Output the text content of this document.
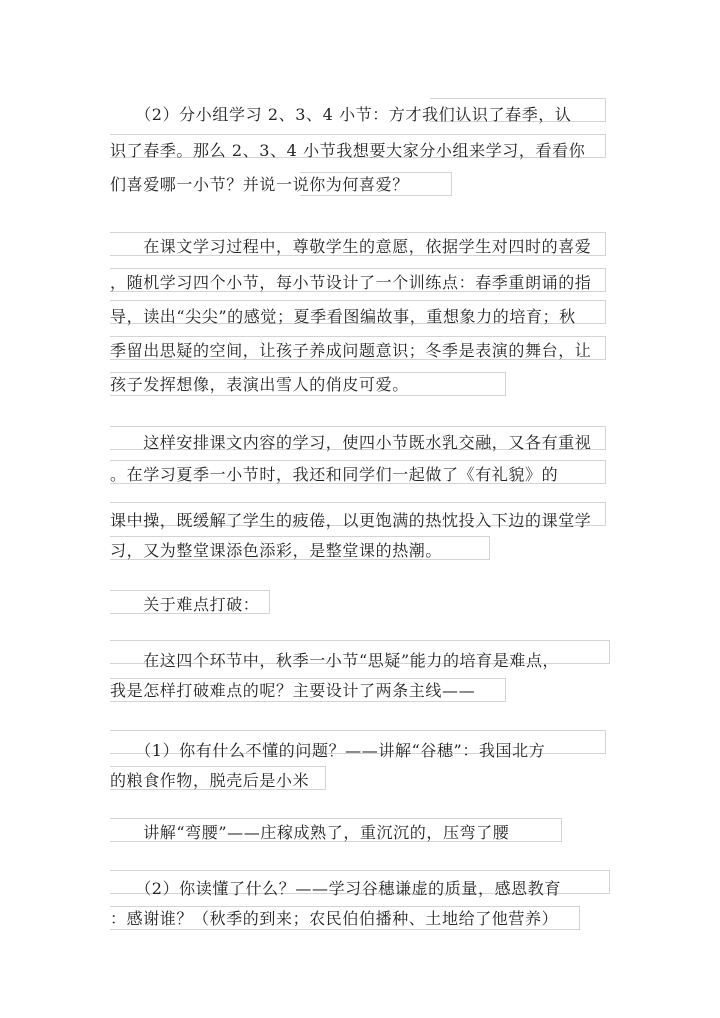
　　（2）分小组学习 2、3、4 小节：方才我们认识了春季，认
识了春季。那么 2、3、4 小节我想要大家分小组来学习，看看你
们喜爱哪一小节？并说一说你为何喜爱？
　　在课文学习过程中，尊敬学生的意愿，依据学生对四时的喜爱
，随机学习四个小节，每小节设计了一个训练点：春季重朗诵的指
导，读出“尖尖”的感觉；夏季看图编故事，重想象力的培育；秋
季留出思疑的空间，让孩子养成问题意识；冬季是表演的舞台，让
孩子发挥想像，表演出雪人的俏皮可爱。
　　这样安排课文内容的学习，使四小节既水乳交融，又各有重视
。在学习夏季一小节时，我还和同学们一起做了《有礼貌》的
课中操，既缓解了学生的疲倦，以更饱满的热忱投入下边的课堂学
习，又为整堂课添色添彩，是整堂课的热潮。
　　关于难点打破：
　　在这四个环节中，秋季一小节“思疑”能力的培育是难点，
我是怎样打破难点的呢？主要设计了两条主线——
　　（1）你有什么不懂的问题？——讲解“谷穗”：我国北方
的粮食作物，脱壳后是小米
　　讲解“弯腰”——庄稼成熟了，重沉沉的，压弯了腰
　　（2）你读懂了什么？——学习谷穗谦虚的质量，感恩教育
：感谢谁？（秋季的到来；农民伯伯播种、土地给了他营养）
